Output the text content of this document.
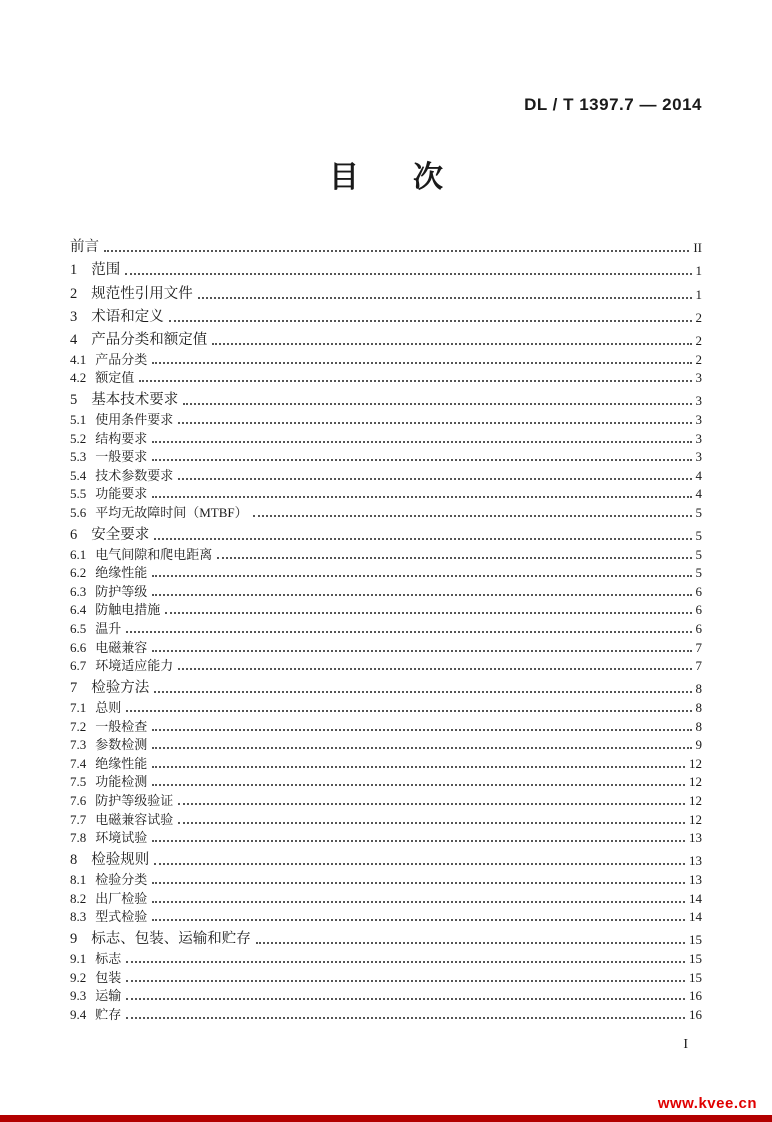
DL / T 1397.7 — 2014
目　次
前言	II
1 范围	1
2 规范性引用文件	1
3 术语和定义	2
4 产品分类和额定值	2
4.1 产品分类	2
4.2 额定值	3
5 基本技术要求	3
5.1 使用条件要求	3
5.2 结构要求	3
5.3 一般要求	3
5.4 技术参数要求	4
5.5 功能要求	4
5.6 平均无故障时间（MTBF）	5
6 安全要求	5
6.1 电气间隙和爬电距离	5
6.2 绝缘性能	5
6.3 防护等级	6
6.4 防触电措施	6
6.5 温升	6
6.6 电磁兼容	7
6.7 环境适应能力	7
7 检验方法	8
7.1 总则	8
7.2 一般检查	8
7.3 参数检测	9
7.4 绝缘性能	12
7.5 功能检测	12
7.6 防护等级验证	12
7.7 电磁兼容试验	12
7.8 环境试验	13
8 检验规则	13
8.1 检验分类	13
8.2 出厂检验	14
8.3 型式检验	14
9 标志、包装、运输和贮存	15
9.1 标志	15
9.2 包装	15
9.3 运输	16
9.4 贮存	16
I
www.kvee.cn
